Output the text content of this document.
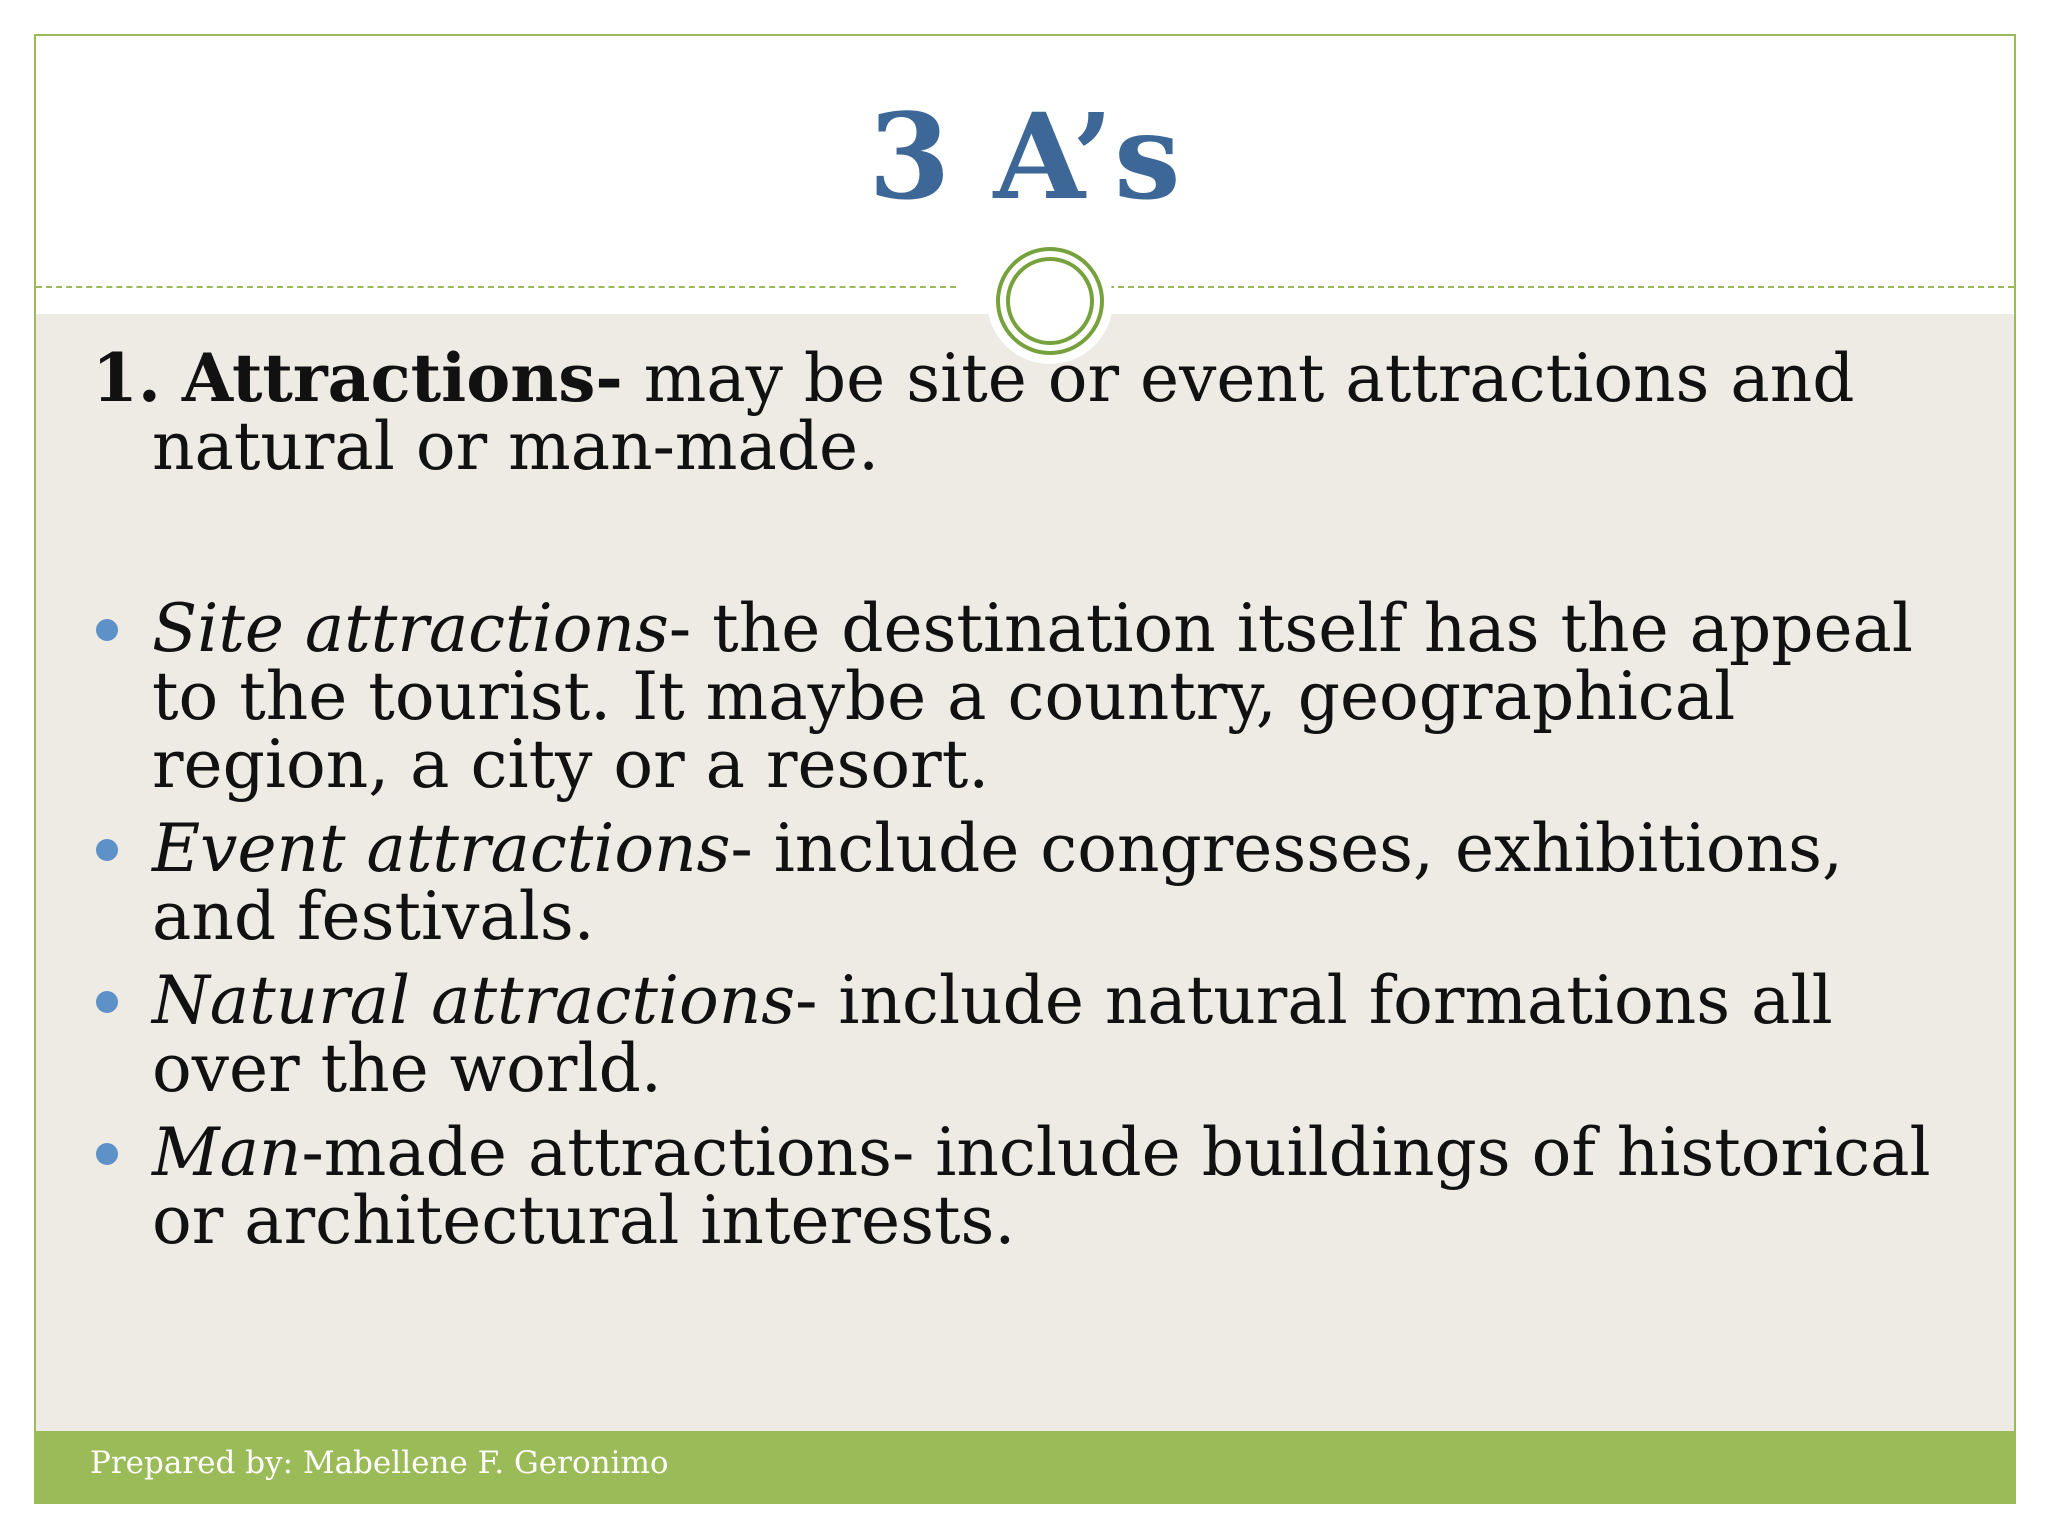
3 A’s

1. Attractions- may be site or event attractions and natural or man-made.

Site attractions- the destination itself has the appeal to the tourist. It maybe a country, geographical region, a city or a resort.
Event attractions- include congresses, exhibitions, and festivals.
Natural attractions- include natural formations all over the world.
Man-made attractions- include buildings of historical or architectural interests.
Prepared by: Mabellene F. Geronimo
